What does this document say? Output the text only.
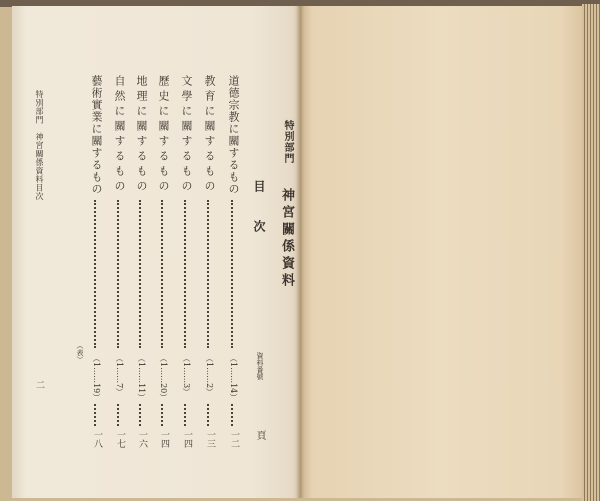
特別部門　神宮關係資料目次
（表）
二
特別部門
神宮關係資料
目
次
資料番號
頁
道德宗教に關するもの
（1……14）
一二
教育に關するもの
（1……2）
一三
文學に關するもの
（1……3）
一四
歷史に關するもの
（1……20）
一四
地理に關するもの
（1……11）
一六
自然に關するもの
（1……7）
一七
藝術實業に關するもの
（1……19）
一八
